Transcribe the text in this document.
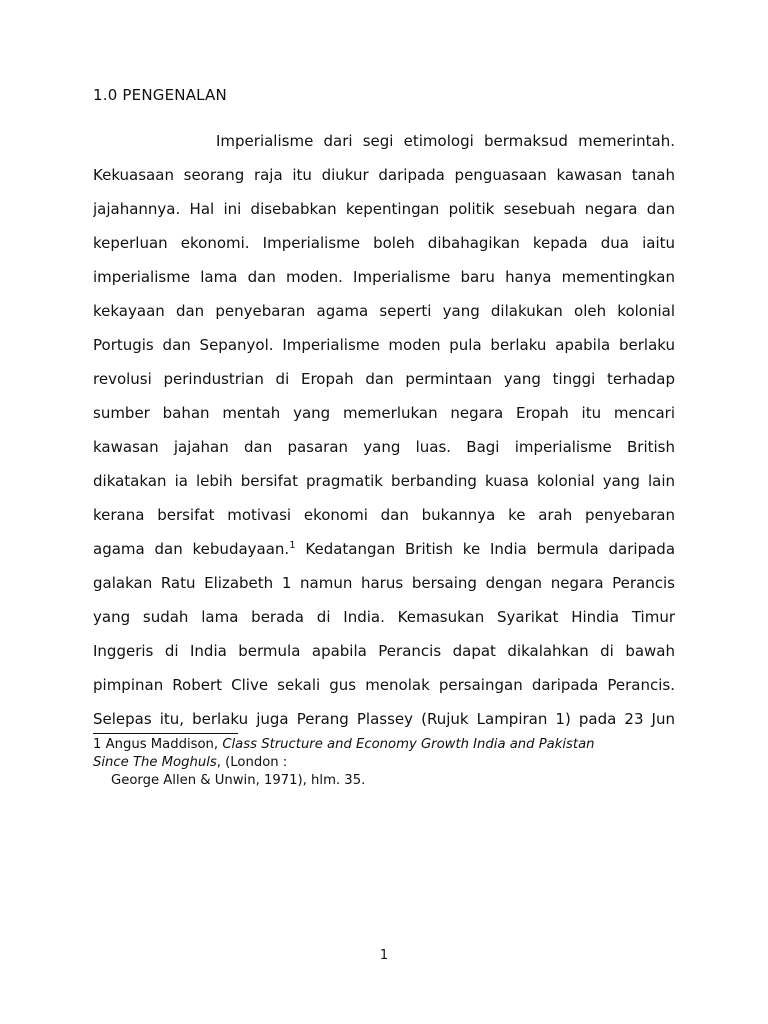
1.0 PENGENALAN
Imperialisme dari segi etimologi bermaksud memerintah.
Kekuasaan seorang raja itu diukur daripada penguasaan kawasan tanah
jajahannya. Hal ini disebabkan kepentingan politik sesebuah negara dan
keperluan ekonomi. Imperialisme boleh dibahagikan kepada dua iaitu
imperialisme lama dan moden. Imperialisme baru hanya mementingkan
kekayaan dan penyebaran agama seperti yang dilakukan oleh kolonial
Portugis dan Sepanyol. Imperialisme moden pula berlaku apabila berlaku
revolusi perindustrian di Eropah dan permintaan yang tinggi terhadap
sumber bahan mentah yang memerlukan negara Eropah itu mencari
kawasan jajahan dan pasaran yang luas. Bagi imperialisme British
dikatakan ia lebih bersifat pragmatik berbanding kuasa kolonial yang lain
kerana bersifat motivasi ekonomi dan bukannya ke arah penyebaran
agama dan kebudayaan.$^1$ Kedatangan British ke India bermula daripada
galakan Ratu Elizabeth 1 namun harus bersaing dengan negara Perancis
yang sudah lama berada di India. Kemasukan Syarikat Hindia Timur
Inggeris di India bermula apabila Perancis dapat dikalahkan di bawah
pimpinan Robert Clive sekali gus menolak persaingan daripada Perancis.
Selepas itu, berlaku juga Perang Plassey (Rujuk Lampiran 1) pada 23 Jun
1 Angus Maddison, Class Structure and Economy Growth India and Pakistan
Since The Moghuls, (London :
George Allen & Unwin, 1971), hlm. 35.
1
